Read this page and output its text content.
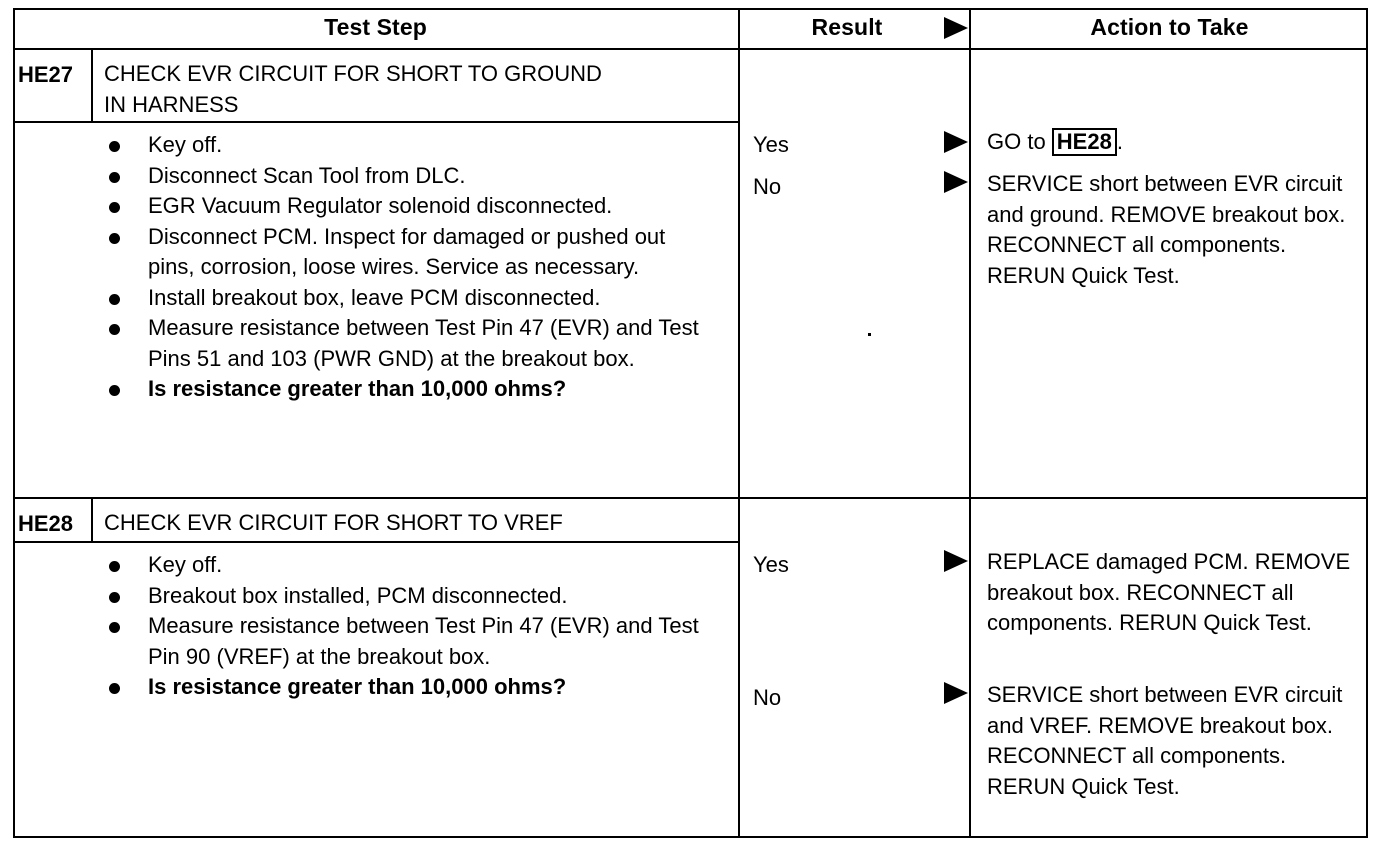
Test Step	Result	Action to Take
HE27 CHECK EVR CIRCUIT FOR SHORT TO GROUND
IN HARNESS
Key off.
Disconnect Scan Tool from DLC.
EGR Vacuum Regulator solenoid disconnected.
Disconnect PCM. Inspect for damaged or pushed out pins, corrosion, loose wires. Service as necessary.
Install breakout box, leave PCM disconnected.
Measure resistance between Test Pin 47 (EVR) and Test Pins 51 and 103 (PWR GND) at the breakout box.
Is resistance greater than 10,000 ohms?
Yes	GO to HE28 .
No	SERVICE short between EVR circuit and ground. REMOVE breakout box. RECONNECT all components. RERUN Quick Test.
HE28 CHECK EVR CIRCUIT FOR SHORT TO VREF
Key off.
Breakout box installed, PCM disconnected.
Measure resistance between Test Pin 47 (EVR) and Test Pin 90 (VREF) at the breakout box.
Is resistance greater than 10,000 ohms?
Yes	REPLACE damaged PCM. REMOVE breakout box. RECONNECT all components. RERUN Quick Test.
No	SERVICE short between EVR circuit and VREF. REMOVE breakout box. RECONNECT all components. RERUN Quick Test.
